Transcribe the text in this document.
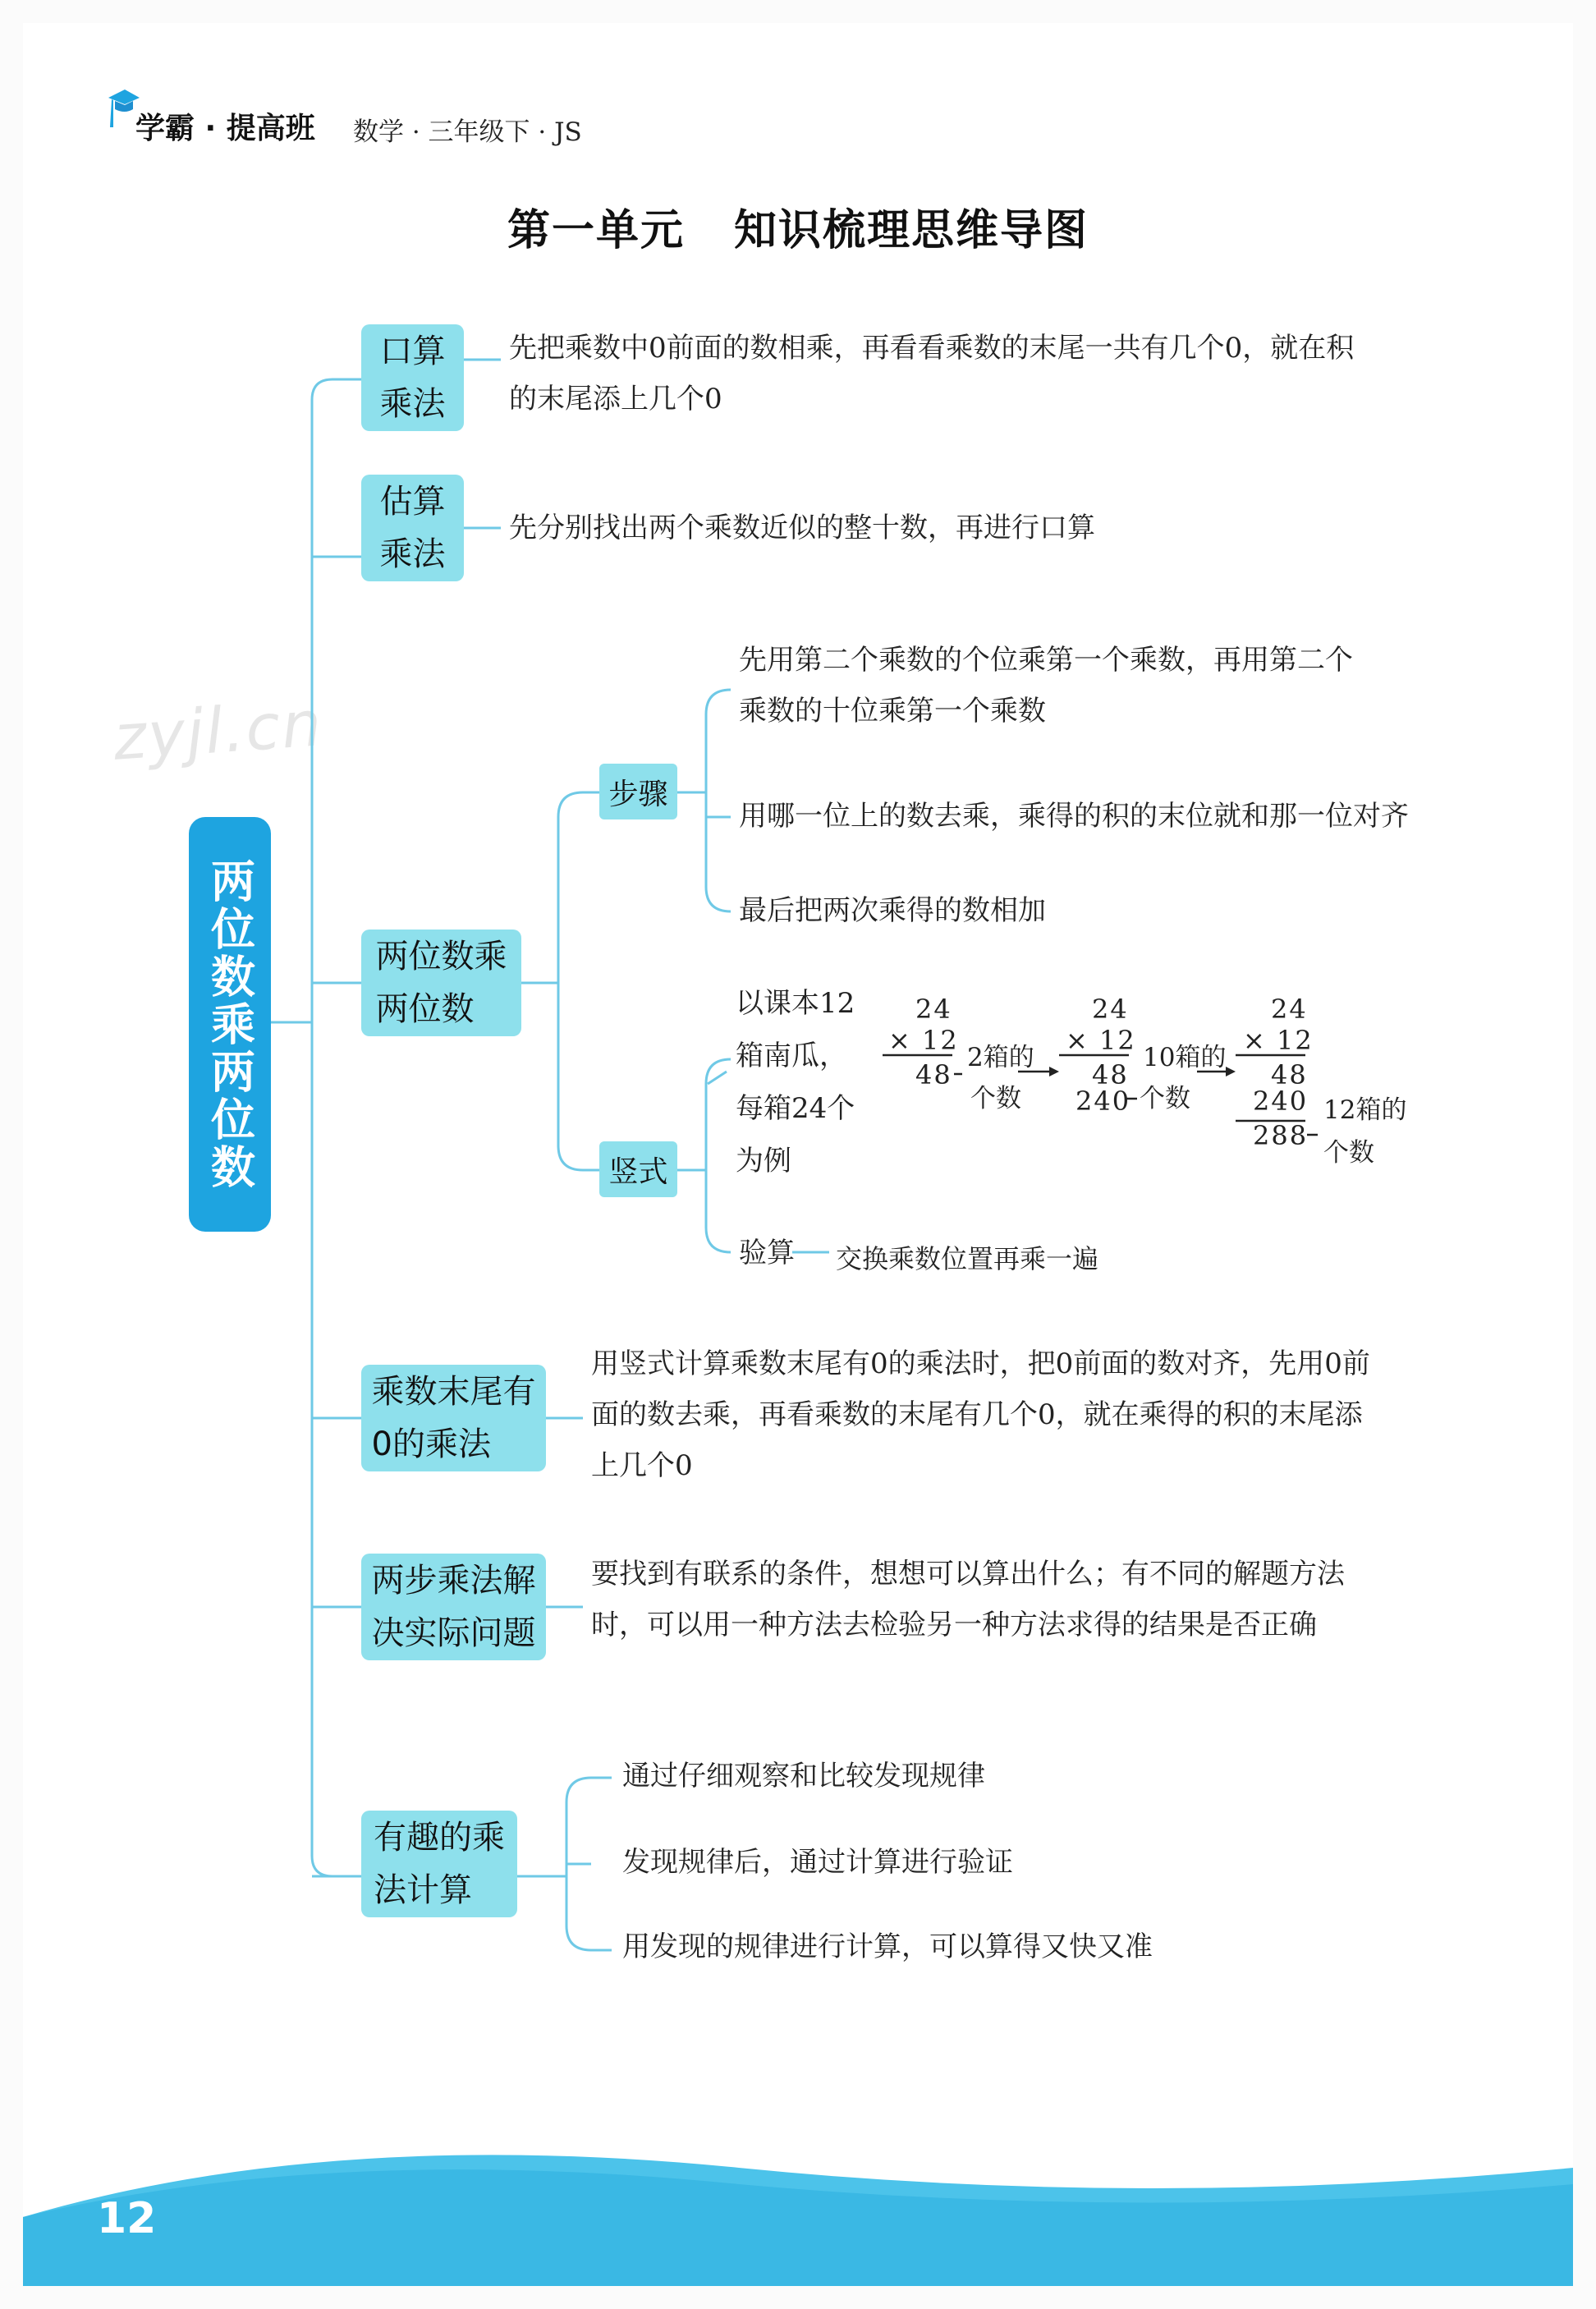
学霸 · 提高班 数学 · 三年级下 · JS
第一单元 知识梳理思维导图
zyjl.cn
两位数乘两位数
口算
乘法
先把乘数中0前面的数相乘，再看看乘数的末尾一共有几个0，就在积
的末尾添上几个0
估算
乘法
先分别找出两个乘数近似的整十数，再进行口算
两位数乘
两位数
步骤
先用第二个乘数的个位乘第一个乘数，再用第二个
乘数的十位乘第一个乘数
用哪一位上的数去乘，乘得的积的末位就和那一位对齐
最后把两次乘得的数相加
竖式
以课本12
箱南瓜，
每箱24个
为例
24
× 12
48
2箱的
个数
24
× 12
48
240
10箱的
个数
24
× 12
48
240
288
12箱的
个数
验算 交换乘数位置再乘一遍
乘数末尾有
0的乘法
用竖式计算乘数末尾有0的乘法时，把0前面的数对齐，先用0前
面的数去乘，再看乘数的末尾有几个0，就在乘得的积的末尾添
上几个0
两步乘法解
决实际问题
要找到有联系的条件，想想可以算出什么；有不同的解题方法
时，可以用一种方法去检验另一种方法求得的结果是否正确
有趣的乘
法计算
通过仔细观察和比较发现规律
发现规律后，通过计算进行验证
用发现的规律进行计算，可以算得又快又准
12
